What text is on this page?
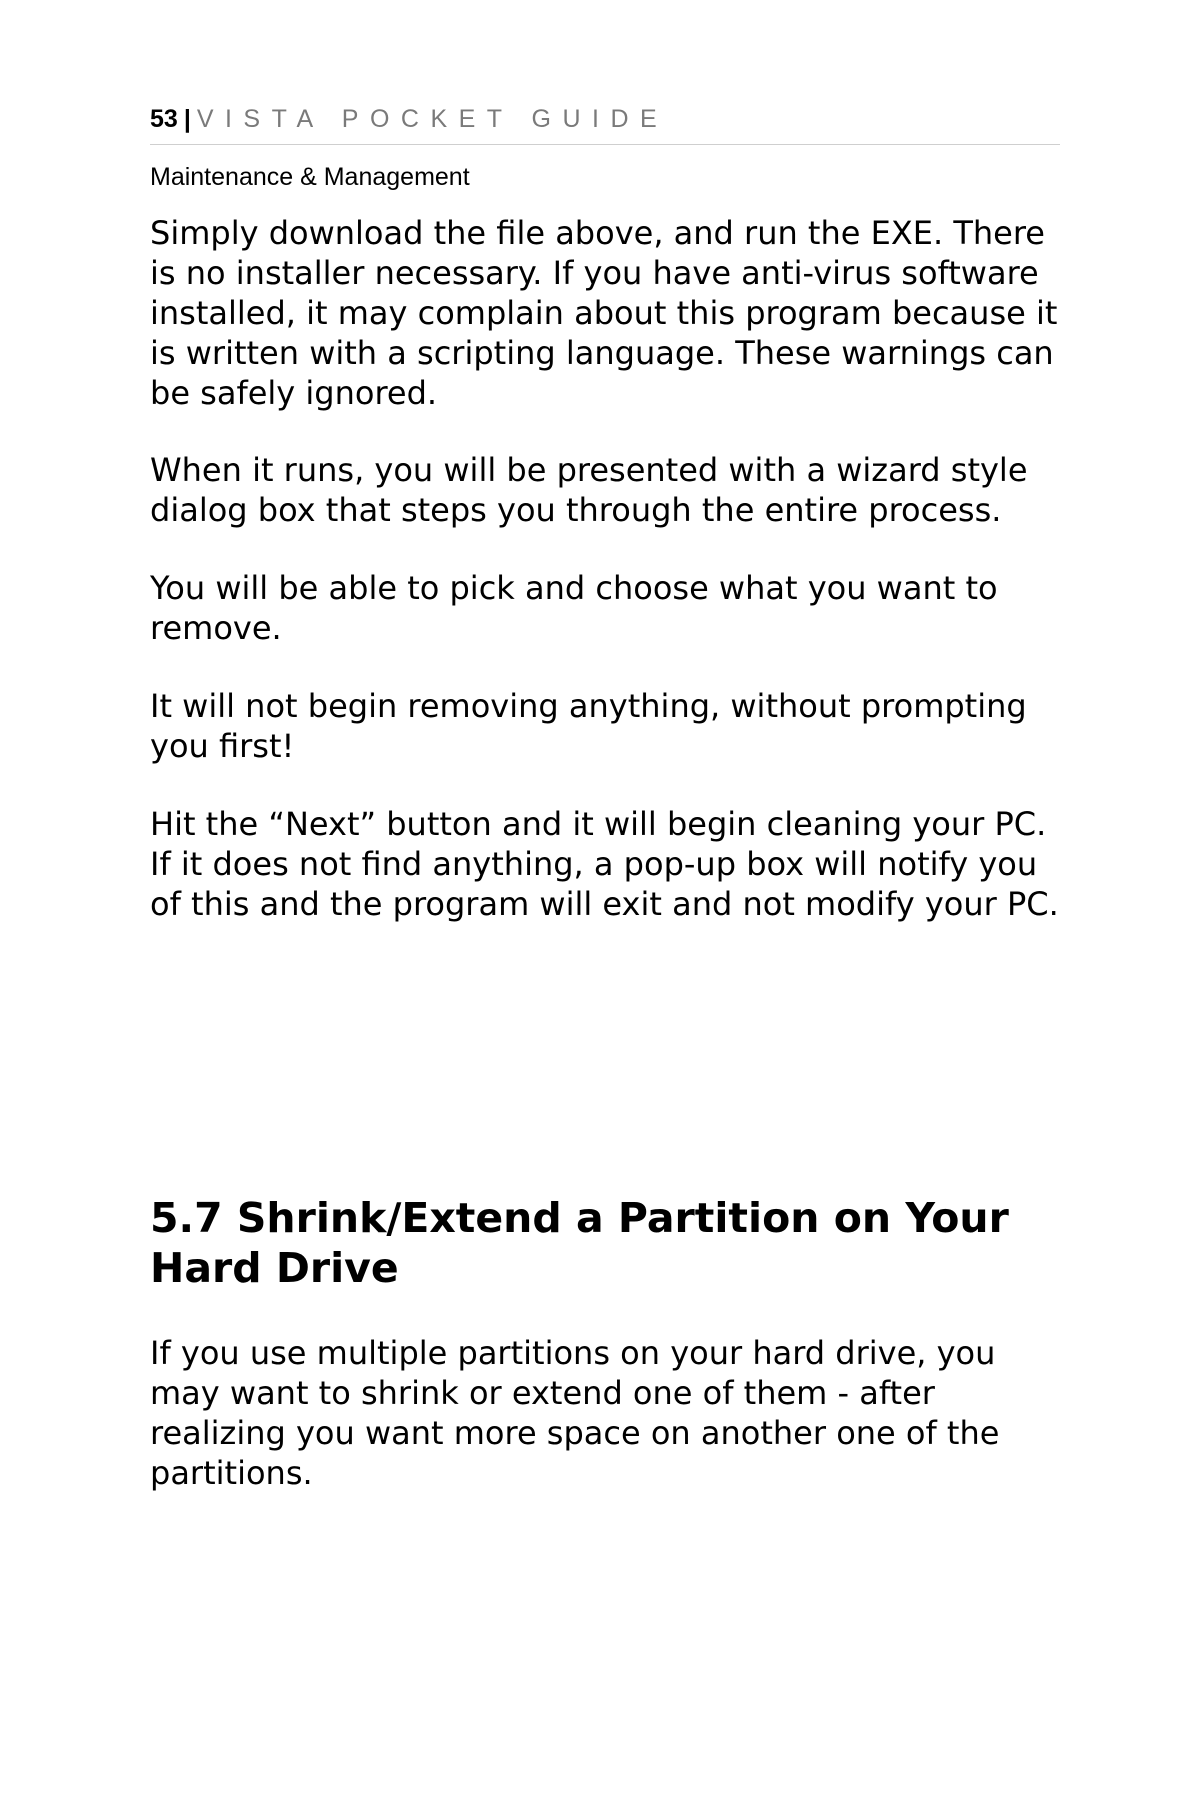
53 | VISTA POCKET GUIDE
Maintenance & Management

Simply download the file above, and run the EXE. There is no installer necessary. If you have anti-virus software installed, it may complain about this program because it is written with a scripting language. These warnings can be safely ignored.

When it runs, you will be presented with a wizard style dialog box that steps you through the entire process.

You will be able to pick and choose what you want to remove.

It will not begin removing anything, without prompting you first!

Hit the “Next” button and it will begin cleaning your PC. If it does not find anything, a pop-up box will notify you of this and the program will exit and not modify your PC.

5.7 Shrink/Extend a Partition on Your Hard Drive

If you use multiple partitions on your hard drive, you may want to shrink or extend one of them - after realizing you want more space on another one of the partitions.
